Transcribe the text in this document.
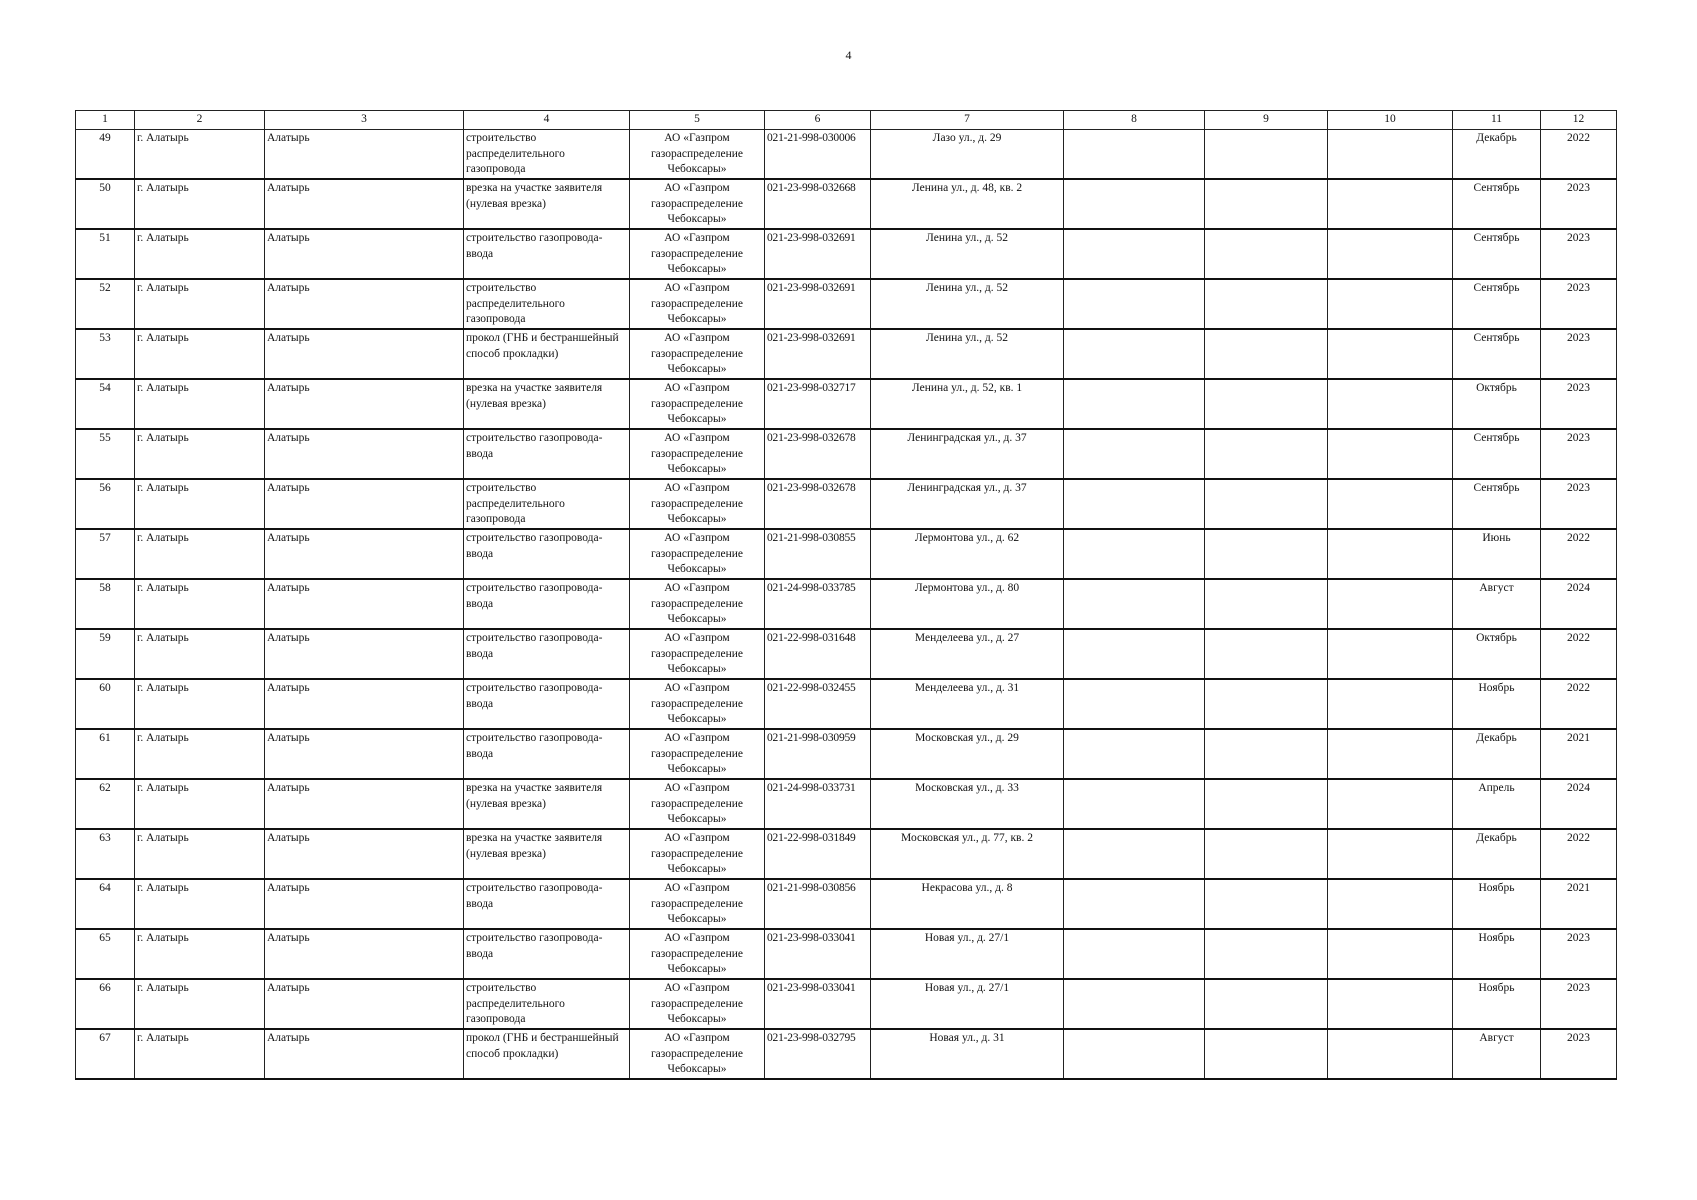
4
1	2	3	4	5	6	7	8	9	10	11	12
49	г. Алатырь	Алатырь	строительство распределительного газопровода	АО «Газпром газораспределение Чебоксары»	021-21-998-030006	Лазо ул., д. 29				Декабрь	2022
50	г. Алатырь	Алатырь	врезка на участке заявителя (нулевая врезка)	АО «Газпром газораспределение Чебоксары»	021-23-998-032668	Ленина ул., д. 48, кв. 2				Сентябрь	2023
51	г. Алатырь	Алатырь	строительство газопровода-ввода	АО «Газпром газораспределение Чебоксары»	021-23-998-032691	Ленина ул., д. 52				Сентябрь	2023
52	г. Алатырь	Алатырь	строительство распределительного газопровода	АО «Газпром газораспределение Чебоксары»	021-23-998-032691	Ленина ул., д. 52				Сентябрь	2023
53	г. Алатырь	Алатырь	прокол (ГНБ и бестраншейный способ прокладки)	АО «Газпром газораспределение Чебоксары»	021-23-998-032691	Ленина ул., д. 52				Сентябрь	2023
54	г. Алатырь	Алатырь	врезка на участке заявителя (нулевая врезка)	АО «Газпром газораспределение Чебоксары»	021-23-998-032717	Ленина ул., д. 52, кв. 1				Октябрь	2023
55	г. Алатырь	Алатырь	строительство газопровода-ввода	АО «Газпром газораспределение Чебоксары»	021-23-998-032678	Ленинградская ул., д. 37				Сентябрь	2023
56	г. Алатырь	Алатырь	строительство распределительного газопровода	АО «Газпром газораспределение Чебоксары»	021-23-998-032678	Ленинградская ул., д. 37				Сентябрь	2023
57	г. Алатырь	Алатырь	строительство газопровода-ввода	АО «Газпром газораспределение Чебоксары»	021-21-998-030855	Лермонтова ул., д. 62				Июнь	2022
58	г. Алатырь	Алатырь	строительство газопровода-ввода	АО «Газпром газораспределение Чебоксары»	021-24-998-033785	Лермонтова ул., д. 80				Август	2024
59	г. Алатырь	Алатырь	строительство газопровода-ввода	АО «Газпром газораспределение Чебоксары»	021-22-998-031648	Менделеева ул., д. 27				Октябрь	2022
60	г. Алатырь	Алатырь	строительство газопровода-ввода	АО «Газпром газораспределение Чебоксары»	021-22-998-032455	Менделеева ул., д. 31				Ноябрь	2022
61	г. Алатырь	Алатырь	строительство газопровода-ввода	АО «Газпром газораспределение Чебоксары»	021-21-998-030959	Московская ул., д. 29				Декабрь	2021
62	г. Алатырь	Алатырь	врезка на участке заявителя (нулевая врезка)	АО «Газпром газораспределение Чебоксары»	021-24-998-033731	Московская ул., д. 33				Апрель	2024
63	г. Алатырь	Алатырь	врезка на участке заявителя (нулевая врезка)	АО «Газпром газораспределение Чебоксары»	021-22-998-031849	Московская ул., д. 77, кв. 2				Декабрь	2022
64	г. Алатырь	Алатырь	строительство газопровода-ввода	АО «Газпром газораспределение Чебоксары»	021-21-998-030856	Некрасова ул., д. 8				Ноябрь	2021
65	г. Алатырь	Алатырь	строительство газопровода-ввода	АО «Газпром газораспределение Чебоксары»	021-23-998-033041	Новая ул., д. 27/1				Ноябрь	2023
66	г. Алатырь	Алатырь	строительство распределительного газопровода	АО «Газпром газораспределение Чебоксары»	021-23-998-033041	Новая ул., д. 27/1				Ноябрь	2023
67	г. Алатырь	Алатырь	прокол (ГНБ и бестраншейный способ прокладки)	АО «Газпром газораспределение Чебоксары»	021-23-998-032795	Новая ул., д. 31				Август	2023
